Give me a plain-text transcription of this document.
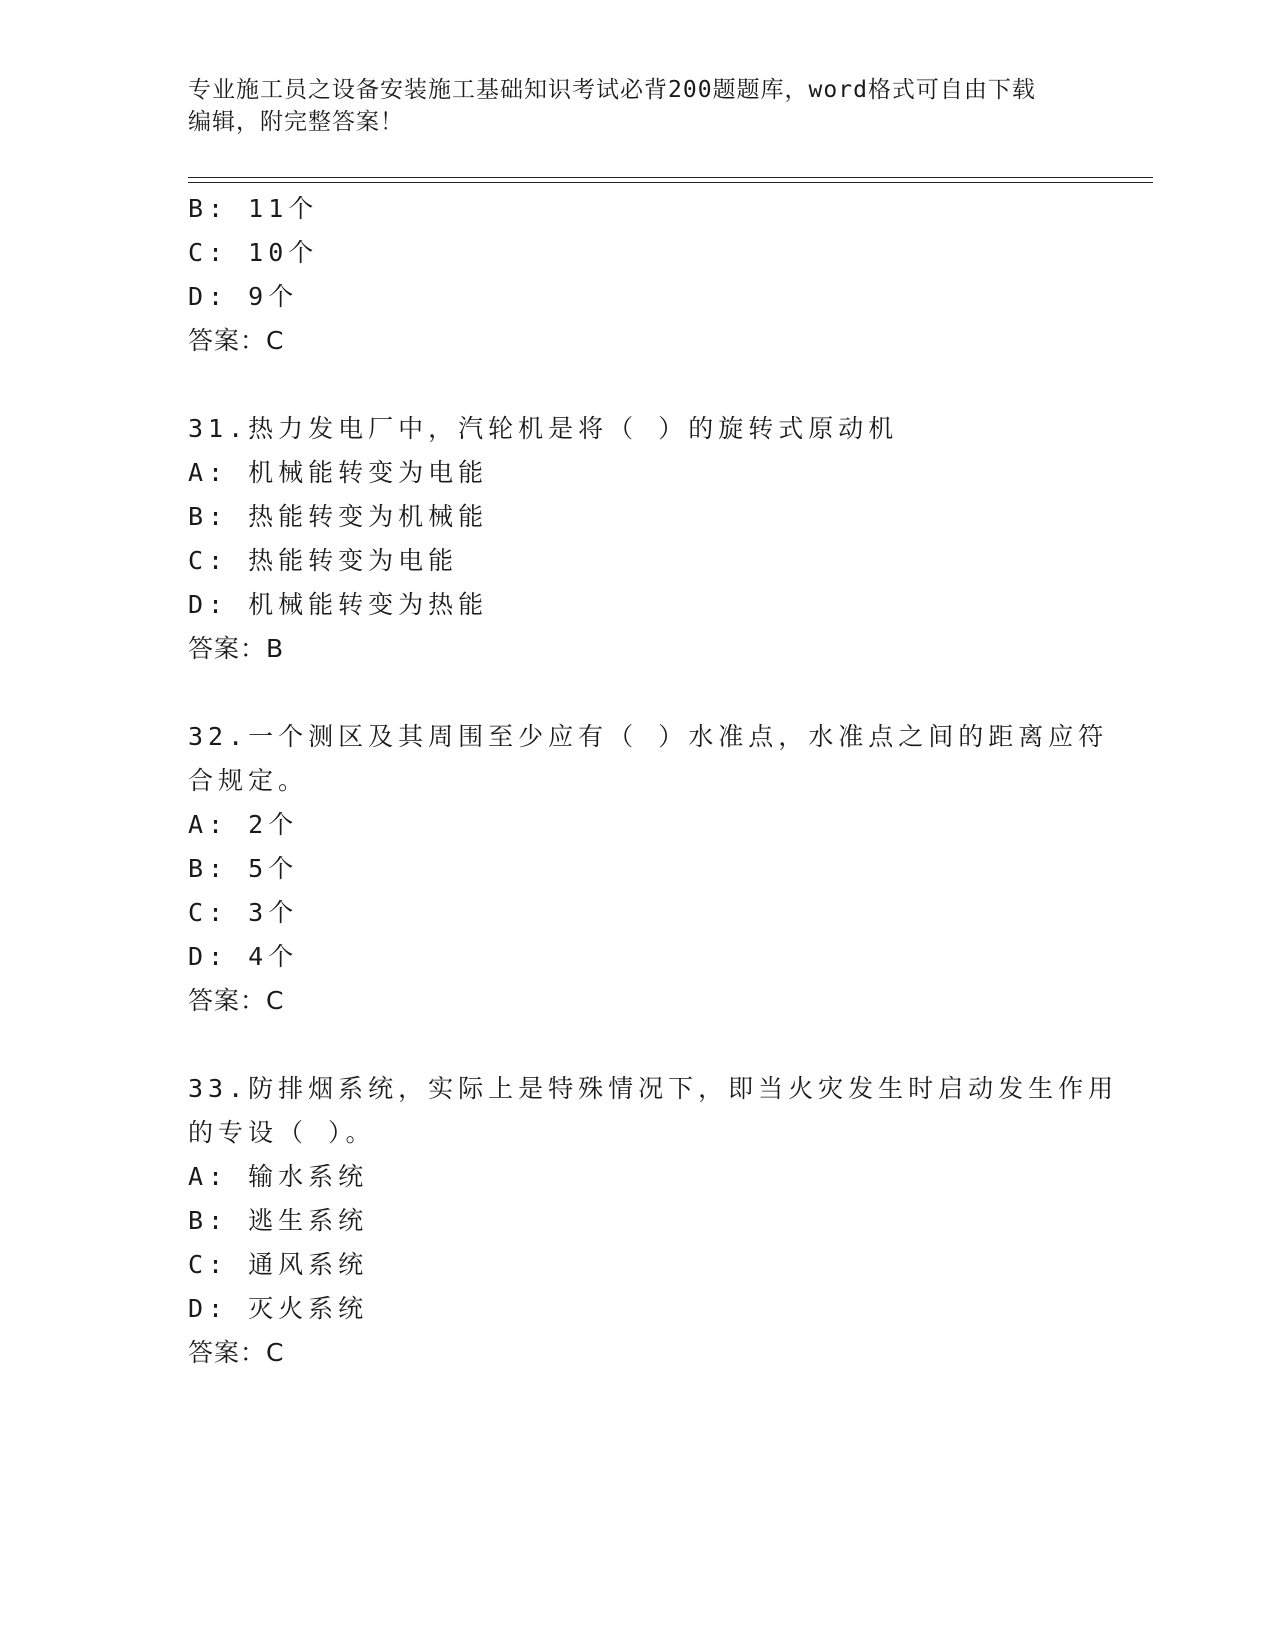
专业施工员之设备安装施工基础知识考试必背200题题库，word格式可自由下载
编辑，附完整答案！
B: 11个
C: 10个
D: 9个
答案：C
31.热力发电厂中，汽轮机是将（ ）的旋转式原动机
A: 机械能转变为电能
B: 热能转变为机械能
C: 热能转变为电能
D: 机械能转变为热能
答案：B
32.一个测区及其周围至少应有（ ）水准点，水准点之间的距离应符
合规定。
A: 2个
B: 5个
C: 3个
D: 4个
答案：C
33.防排烟系统，实际上是特殊情况下，即当火灾发生时启动发生作用
的专设（ ）。
A: 输水系统
B: 逃生系统
C: 通风系统
D: 灭火系统
答案：C
